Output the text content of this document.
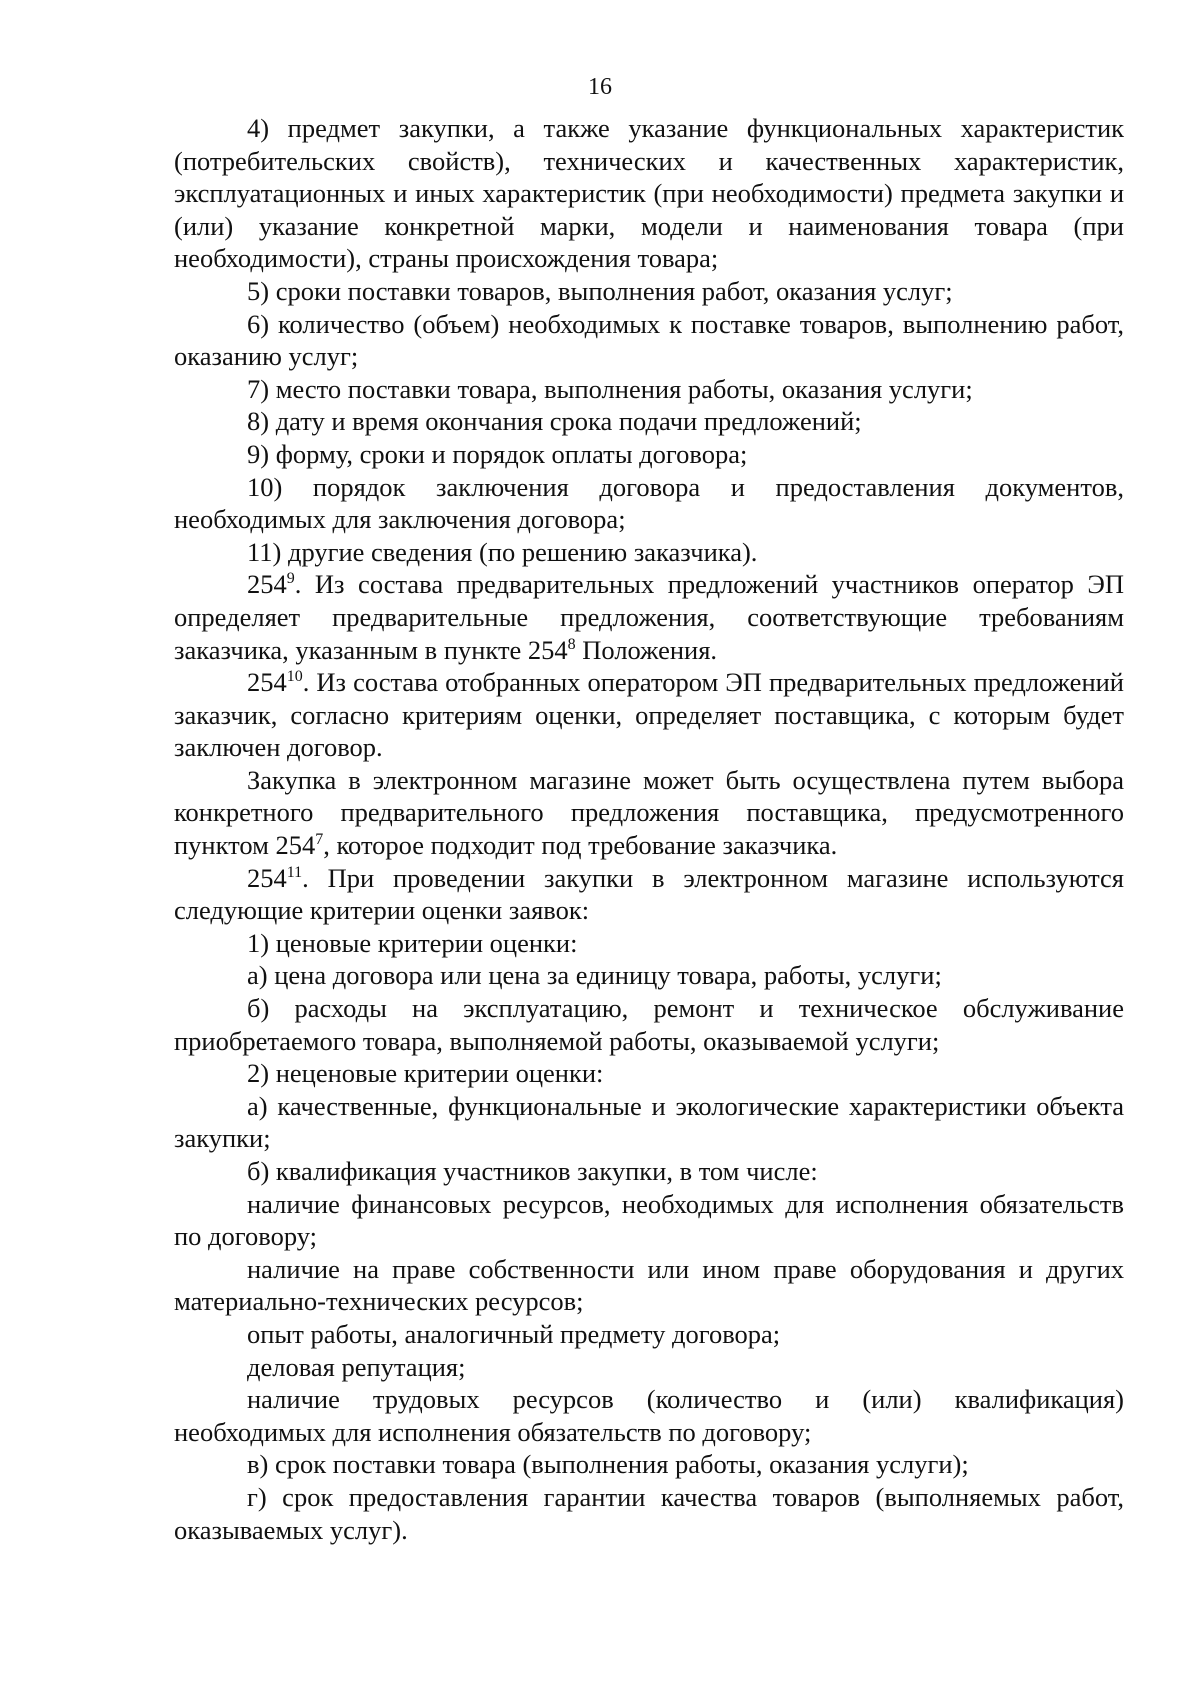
16

4) предмет закупки, а также указание функциональных характеристик (потребительских свойств), технических и качественных характеристик, эксплуатационных и иных характеристик (при необходимости) предмета закупки и (или) указание конкретной марки, модели и наименования товара (при необходимости), страны происхождения товара;

5) сроки поставки товаров, выполнения работ, оказания услуг;

6) количество (объем) необходимых к поставке товаров, выполнению работ, оказанию услуг;

7) место поставки товара, выполнения работы, оказания услуги;

8) дату и время окончания срока подачи предложений;

9) форму, сроки и порядок оплаты договора;

10) порядок заключения договора и предоставления документов, необходимых для заключения договора;

11) другие сведения (по решению заказчика).

$254^9$. Из состава предварительных предложений участников оператор ЭП определяет предварительные предложения, соответствующие требованиям заказчика, указанным в пункте $254^8$ Положения.

$254^{10}$. Из состава отобранных оператором ЭП предварительных предложений заказчик, согласно критериям оценки, определяет поставщика, с которым будет заключен договор.

Закупка в электронном магазине может быть осуществлена путем выбора конкретного предварительного предложения поставщика, предусмотренного пунктом $254^7$, которое подходит под требование заказчика.

$254^{11}$. При проведении закупки в электронном магазине используются следующие критерии оценки заявок:

1) ценовые критерии оценки:

а) цена договора или цена за единицу товара, работы, услуги;

б) расходы на эксплуатацию, ремонт и техническое обслуживание приобретаемого товара, выполняемой работы, оказываемой услуги;

2) неценовые критерии оценки:

а) качественные, функциональные и экологические характеристики объекта закупки;

б) квалификация участников закупки, в том числе:

наличие финансовых ресурсов, необходимых для исполнения обязательств по договору;

наличие на праве собственности или ином праве оборудования и других материально-технических ресурсов;

опыт работы, аналогичный предмету договора;

деловая репутация;

наличие трудовых ресурсов (количество и (или) квалификация) необходимых для исполнения обязательств по договору;

в) срок поставки товара (выполнения работы, оказания услуги);

г) срок предоставления гарантии качества товаров (выполняемых работ, оказываемых услуг).
